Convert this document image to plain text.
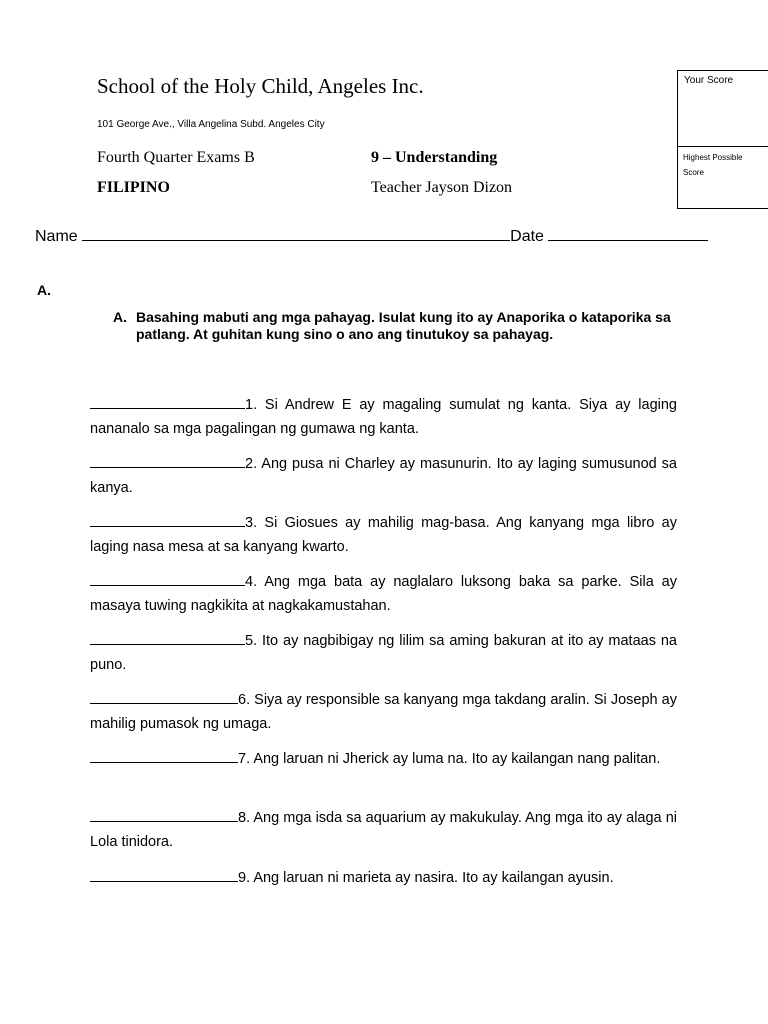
School of the Holy Child, Angeles Inc.
101 George Ave., Villa Angelina Subd. Angeles City
Fourth Quarter Exams B	9 – Understanding
FILIPINO	Teacher Jayson Dizon
Your Score
Highest Possible Score
Name	Date
A.
A. Basahing mabuti ang mga pahayag. Isulat kung ito ay Anaporika o kataporika sa patlang. At guhitan kung sino o ano ang tinutukoy sa pahayag.
1. Si Andrew E ay magaling sumulat ng kanta. Siya ay laging nananalo sa mga pagalingan ng gumawa ng kanta.
2. Ang pusa ni Charley ay masunurin. Ito ay laging sumusunod sa kanya.
3. Si Giosues ay mahilig mag-basa. Ang kanyang mga libro ay laging nasa mesa at sa kanyang kwarto.
4. Ang mga bata ay naglalaro luksong baka sa parke. Sila ay masaya tuwing nagkikita at nagkakamustahan.
5. Ito ay nagbibigay ng lilim sa aming bakuran at ito ay mataas na puno.
6. Siya ay responsible sa kanyang mga takdang aralin. Si Joseph ay mahilig pumasok ng umaga.
7. Ang laruan ni Jherick ay luma na. Ito ay kailangan nang palitan.
8. Ang mga isda sa aquarium ay makukulay. Ang mga ito ay alaga ni Lola tinidora.
9. Ang laruan ni marieta ay nasira. Ito ay kailangan ayusin.
